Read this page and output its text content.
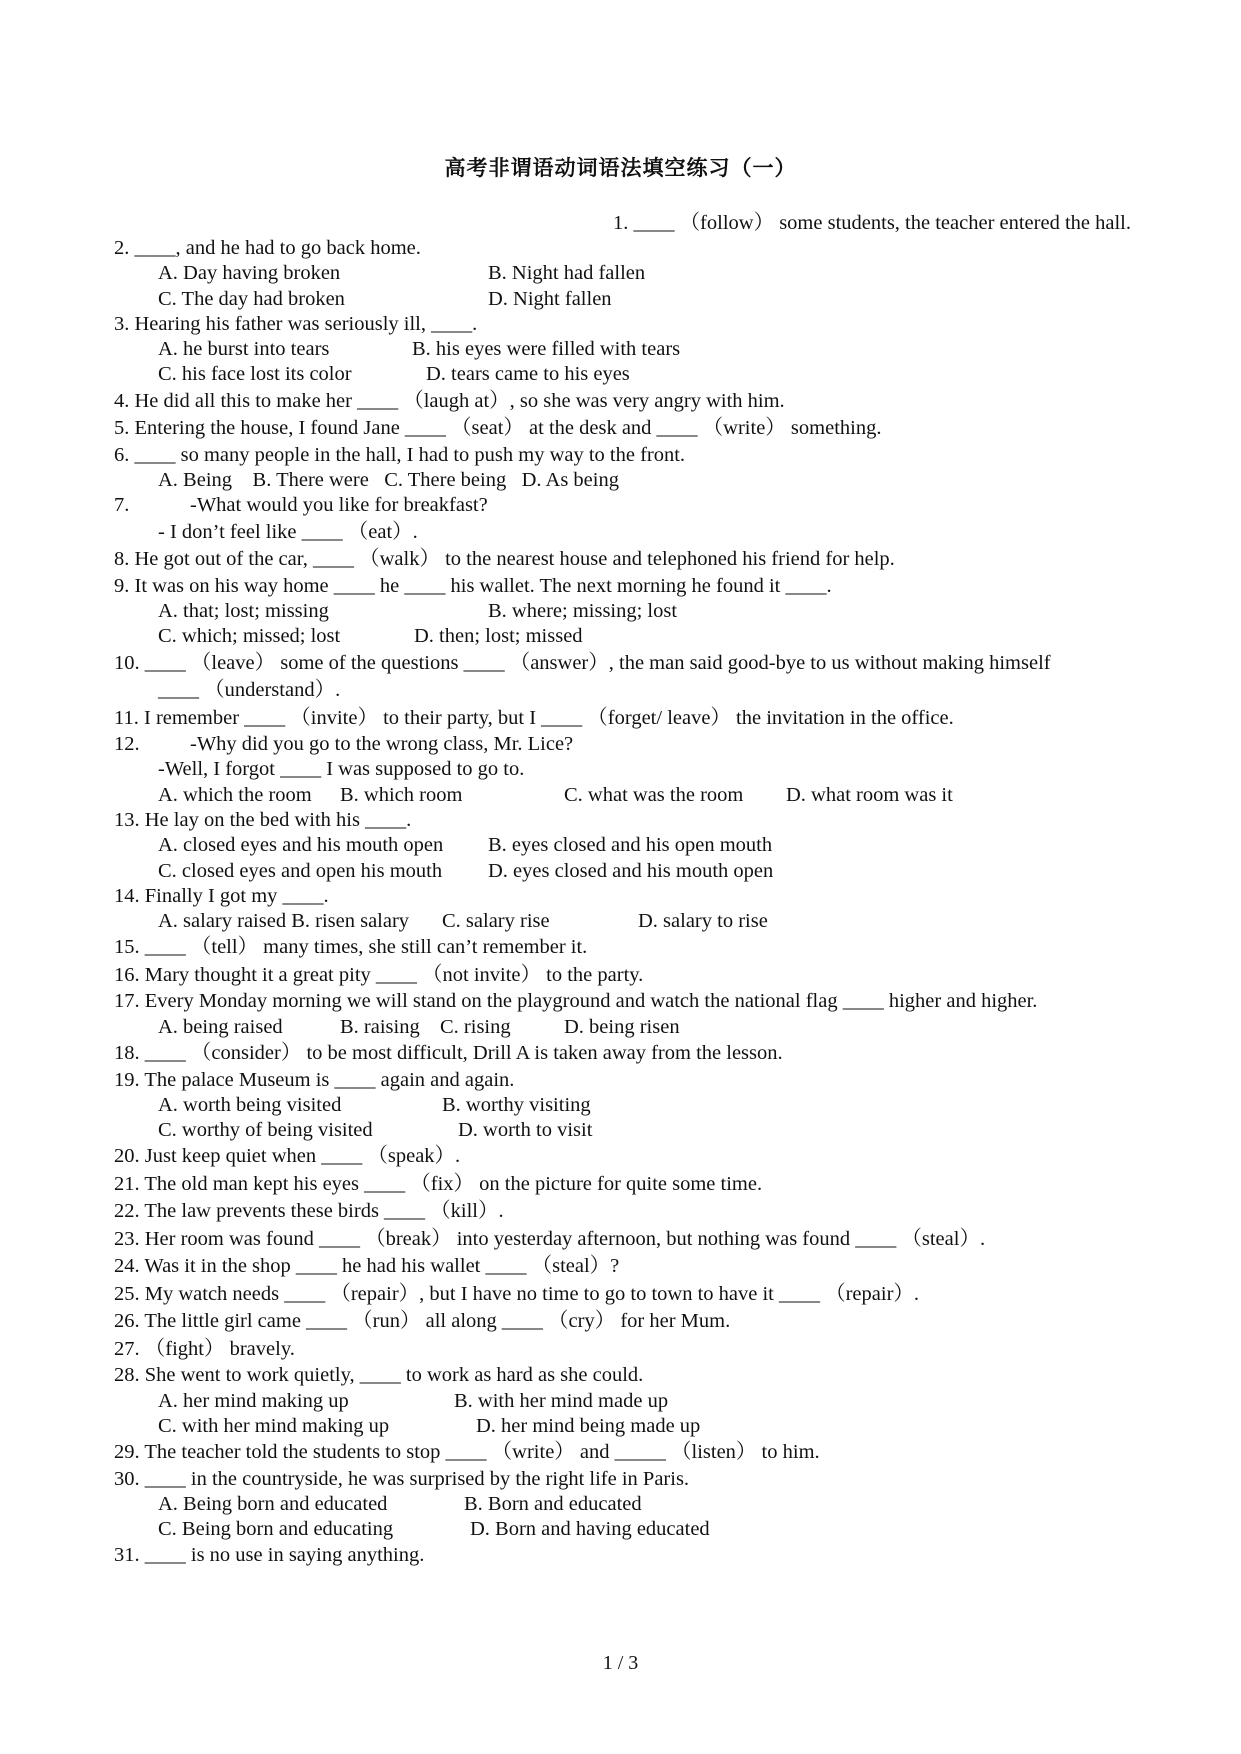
高考非谓语动词语法填空练习（一）
1. ____ （follow） some students, the teacher entered the hall.
2. ____, and he had to go back home.
A. Day having broken	B. Night had fallen
C. The day had broken	D. Night fallen
3. Hearing his father was seriously ill, ____.
A. he burst into tears	B. his eyes were filled with tears
C. his face lost its color	D. tears came to his eyes
4. He did all this to make her ____ （laugh at）, so she was very angry with him.
5. Entering the house, I found Jane ____ （seat） at the desk and ____ （write） something.
6. ____ so many people in the hall, I had to push my way to the front.
A. Being    B. There were   C. There being   D. As being
7.	-What would you like for breakfast?
- I don’t feel like ____ （eat）.
8. He got out of the car, ____ （walk） to the nearest house and telephoned his friend for help.
9. It was on his way home ____ he ____ his wallet. The next morning he found it ____.
A. that; lost; missing	B. where; missing; lost
C. which; missed; lost	D. then; lost; missed
10. ____ （leave） some of the questions ____ （answer）, the man said good-bye to us without making himself
____ （understand）.
11. I remember ____ （invite） to their party, but I ____ （forget/ leave） the invitation in the office.
12. -Why did you go to the wrong class, Mr. Lice?
-Well, I forgot ____ I was supposed to go to.
A. which the room B. which room	C. what was the room D. what room was it
13. He lay on the bed with his ____.
A. closed eyes and his mouth open B. eyes closed and his open mouth
C. closed eyes and open his mouth D. eyes closed and his mouth open
14. Finally I got my ____.
A. salary raised B. risen salary C. salary rise	D. salary to rise
15. ____ （tell） many times, she still can’t remember it.
16. Mary thought it a great pity ____ （not invite） to the party.
17. Every Monday morning we will stand on the playground and watch the national flag ____ higher and higher.
A. being raised	B. raising C. rising	D. being risen
18. ____ （consider） to be most difficult, Drill A is taken away from the lesson.
19. The palace Museum is ____ again and again.
A. worth being visited	B. worthy visiting
C. worthy of being visited	D. worth to visit
20. Just keep quiet when ____ （speak）.
21. The old man kept his eyes ____ （fix） on the picture for quite some time.
22. The law prevents these birds ____ （kill）.
23. Her room was found ____ （break） into yesterday afternoon, but nothing was found ____ （steal）.
24. Was it in the shop ____ he had his wallet ____ （steal）?
25. My watch needs ____ （repair）, but I have no time to go to town to have it ____ （repair）.
26. The little girl came ____ （run） all along ____ （cry） for her Mum.
27. （fight） bravely.
28. She went to work quietly, ____ to work as hard as she could.
A. her mind making up	B. with her mind made up
C. with her mind making up	D. her mind being made up
29. The teacher told the students to stop ____ （write） and _____ （listen） to him.
30. ____ in the countryside, he was surprised by the right life in Paris.
A. Being born and educated	B. Born and educated
C. Being born and educating	D. Born and having educated
31. ____ is no use in saying anything.
1 / 3
